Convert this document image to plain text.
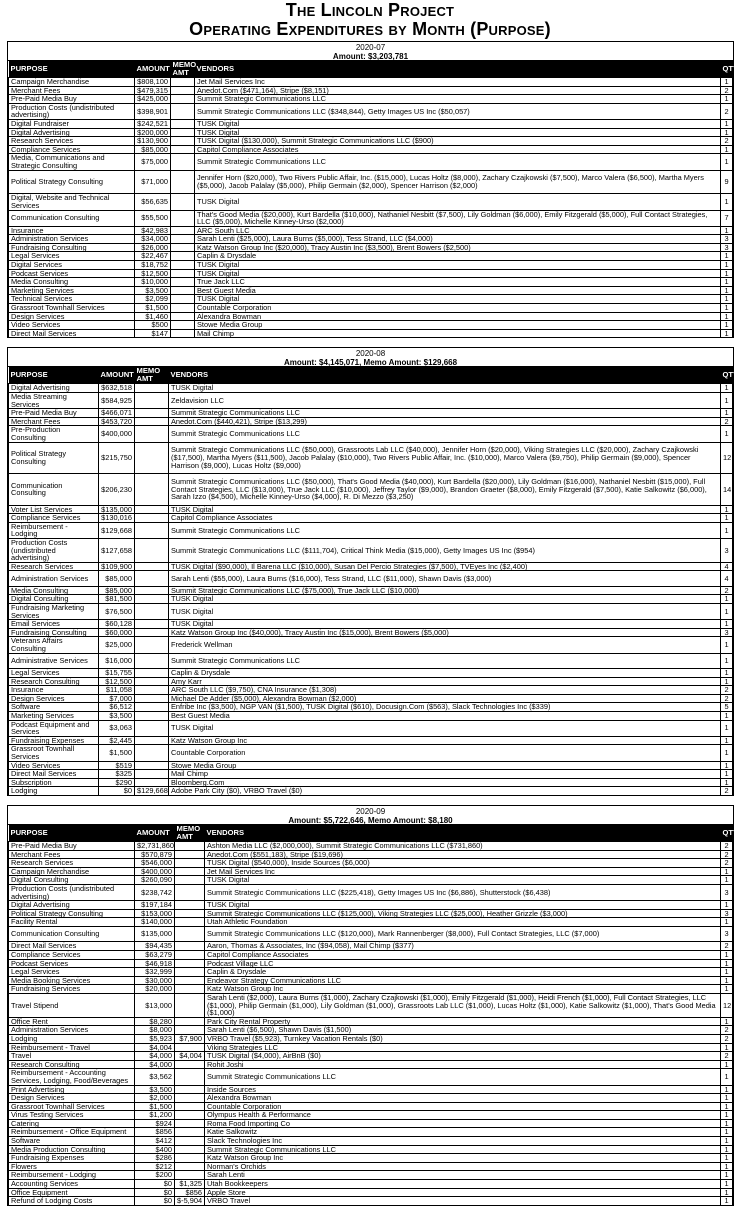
The Lincoln Project
Operating Expenditures by Month (Purpose)
2020-07
Amount: $3,203,781
PURPOSE	AMOUNT	MEMO AMT	VENDORS	QTY
Campaign Merchandise	$808,100		Jet Mail Services Inc	1
Merchant Fees	$479,315		Anedot.Com ($471,164), Stripe ($8,151)	2
Pre-Paid Media Buy	$425,000		Summit Strategic Communications LLC	1
Production Costs (undistributed advertising)	$398,901		Summit Strategic Communications LLC ($348,844), Getty Images US Inc ($50,057)	2
Digital Fundraiser	$242,521		TUSK Digital	1
Digital Advertising	$200,000		TUSK Digital	1
Research Services	$130,900		TUSK Digital ($130,000), Summit Strategic Communications LLC ($900)	2
Compliance Services	$85,000		Capitol Compliance Associates	1
Media, Communications and Strategic Consulting	$75,000		Summit Strategic Communications LLC	1
Political Strategy Consulting	$71,000		Jennifer Horn ($20,000), Two Rivers Public Affair, Inc. ($15,000), Lucas Holtz ($8,000), Zachary Czajkowski ($7,500), Marco Valera ($6,500), Martha Myers ($5,000), Jacob Palalay ($5,000), Philip Germain ($2,000), Spencer Harrison ($2,000)	9
Digital, Website and Technical Services	$56,635		TUSK Digital	1
Communication Consulting	$55,500		That's Good Media ($20,000), Kurt Bardella ($10,000), Nathaniel Nesbitt ($7,500), Lily Goldman ($6,000), Emily Fitzgerald ($5,000), Full Contact Strategies, LLC ($5,000), Michelle Kinney-Urso ($2,000)	7
Insurance	$42,983		ARC South LLC	1
Administration Services	$34,000		Sarah Lenti ($25,000), Laura Burns ($5,000), Tess Strand, LLC ($4,000)	3
Fundraising Consulting	$26,000		Katz Watson Group Inc ($20,000), Tracy Austin Inc ($3,500), Brent Bowers ($2,500)	3
Legal Services	$22,467		Caplin & Drysdale	1
Digital Services	$18,752		TUSK Digital	1
Podcast Services	$12,500		TUSK Digital	1
Media Consulting	$10,000		True Jack LLC	1
Marketing Services	$3,500		Best Guest Media	1
Technical Services	$2,099		TUSK Digital	1
Grassroot Townhall Services	$1,500		Countable Corporation	1
Design Services	$1,460		Alexandra Bowman	1
Video Services	$500		Stowe Media Group	1
Direct Mail Services	$147		Mail Chimp	1
2020-08
Amount: $4,145,071, Memo Amount: $129,668
PURPOSE	AMOUNT	MEMO AMT	VENDORS	QTY
Digital Advertising	$632,518		TUSK Digital	1
Media Streaming Services	$584,925		Zeldavision LLC	1
Pre-Paid Media Buy	$466,071		Summit Strategic Communications LLC	1
Merchant Fees	$453,720		Anedot.Com ($440,421), Stripe ($13,299)	2
Pre-Production Consulting	$400,000		Summit Strategic Communications LLC	1
Political Strategy Consulting	$215,750		Summit Strategic Communications LLC ($50,000), Grassroots Lab LLC ($40,000), Jennifer Horn ($20,000), Viking Strategies LLC ($20,000), Zachary Czajkowski ($17,500), Martha Myers ($11,500), Jacob Palalay ($10,000), Two Rivers Public Affair, Inc. ($10,000), Marco Valera ($9,750), Philip Germain ($9,000), Spencer Harrison ($9,000), Lucas Holtz ($9,000)	12
Communication Consulting	$206,230		Summit Strategic Communications LLC ($50,000), That's Good Media ($40,000), Kurt Bardella ($20,000), Lily Goldman ($16,000), Nathaniel Nesbitt ($15,000), Full Contact Strategies, LLC ($13,000), True Jack LLC ($10,000), Jeffrey Taylor ($9,000), Brandon Graeter ($8,000), Emily Fitzgerald ($7,500), Katie Salkowitz ($6,000), Sarah Izzo ($4,500), Michelle Kinney-Urso ($4,000), R. Di Mezzo ($3,250)	14
Voter List Services	$135,000		TUSK Digital	1
Compliance Services	$130,016		Capitol Compliance Associates	1
Reimbursement - Lodging	$129,668		Summit Strategic Communications LLC	1
Production Costs (undistributed advertising)	$127,658		Summit Strategic Communications LLC ($111,704), Critical Think Media ($15,000), Getty Images US Inc ($954)	3
Research Services	$109,900		TUSK Digital ($90,000), Il Barena LLC ($10,000), Susan Del Percio Strategies ($7,500), TVEyes Inc ($2,400)	4
Administration Services	$85,000		Sarah Lenti ($55,000), Laura Burns ($16,000), Tess Strand, LLC ($11,000), Shawn Davis ($3,000)	4
Media Consulting	$85,000		Summit Strategic Communications LLC ($75,000), True Jack LLC ($10,000)	2
Digital Consulting	$81,500		TUSK Digital	1
Fundraising Marketing Services	$76,500		TUSK Digital	1
Email Services	$60,128		TUSK Digital	1
Fundraising Consulting	$60,000		Katz Watson Group Inc ($40,000), Tracy Austin Inc ($15,000), Brent Bowers ($5,000)	3
Veterans Affairs Consulting	$25,000		Frederick Wellman	1
Administrative Services	$16,000		Summit Strategic Communications LLC	1
Legal Services	$15,755		Caplin & Drysdale	1
Research Consulting	$12,500		Amy Karr	1
Insurance	$11,058		ARC South LLC ($9,750), CNA Insurance ($1,308)	2
Design Services	$7,000		Michael De Adder ($5,000), Alexandra Bowman ($2,000)	2
Software	$6,512		Enfribe Inc ($3,500), NGP VAN ($1,500), TUSK Digital ($610), Docusign.Com ($563), Slack Technologies Inc ($339)	5
Marketing Services	$3,500		Best Guest Media	1
Podcast Equipment and Services	$3,063		TUSK Digital	1
Fundraising Expenses	$2,445		Katz Watson Group Inc	1
Grassroot Townhall Services	$1,500		Countable Corporation	1
Video Services	$519		Stowe Media Group	1
Direct Mail Services	$325		Mail Chimp	1
Subscription	$290		Bloomberg.Com	1
Lodging	$0	$129,668	Adobe Park City ($0), VRBO Travel ($0)	2
2020-09
Amount: $5,722,646, Memo Amount: $8,180
PURPOSE	AMOUNT	MEMO AMT	VENDORS	QTY
Pre-Paid Media Buy	$2,731,860		Ashton Media LLC ($2,000,000), Summit Strategic Communications LLC ($731,860)	2
Merchant Fees	$570,879		Anedot.Com ($551,183), Stripe ($19,696)	2
Research Services	$546,000		TUSK Digital ($540,000), Inside Sources ($6,000)	2
Campaign Merchandise	$400,000		Jet Mail Services Inc	1
Digital Consulting	$260,090		TUSK Digital	1
Production Costs (undistributed advertising)	$238,742		Summit Strategic Communications LLC ($225,418), Getty Images US Inc ($6,886), Shutterstock ($6,438)	3
Digital Advertising	$197,184		TUSK Digital	1
Political Strategy Consulting	$153,000		Summit Strategic Communications LLC ($125,000), Viking Strategies LLC ($25,000), Heather Grizzle ($3,000)	3
Facility Rental	$140,000		Utah Athletic Foundation	1
Communication Consulting	$135,000		Summit Strategic Communications LLC ($120,000), Mark Rannenberger ($8,000), Full Contact Strategies, LLC ($7,000)	3
Direct Mail Services	$94,435		Aaron, Thomas & Associates, Inc ($94,058), Mail Chimp ($377)	2
Compliance Services	$63,279		Capitol Compliance Associates	1
Podcast Services	$46,918		Podcast Village LLC	1
Legal Services	$32,999		Caplin & Drysdale	1
Media Booking Services	$30,000		Endeavor Strategy Communications LLC	1
Fundraising Services	$20,000		Katz Watson Group Inc	1
Travel Stipend	$13,000		Sarah Lenti ($2,000), Laura Burns ($1,000), Zachary Czajkowski ($1,000), Emily Fitzgerald ($1,000), Heidi French ($1,000), Full Contact Strategies, LLC ($1,000), Philip Germain ($1,000), Lily Goldman ($1,000), Grassroots Lab LLC ($1,000), Lucas Holtz ($1,000), Katie Salkowitz ($1,000), That's Good Media ($1,000)	12
Office Rent	$8,280		Park City Rental Property	1
Administration Services	$8,000		Sarah Lenti ($6,500), Shawn Davis ($1,500)	2
Lodging	$5,923	$7,900	VRBO Travel ($5,923), Turnkey Vacation Rentals ($0)	2
Reimbursement - Travel	$4,004		Viking Strategies LLC	1
Travel	$4,000	$4,004	TUSK Digital ($4,000), AirBnB ($0)	2
Research Consulting	$4,000		Rohit Joshi	1
Reimbursement - Accounting Services, Lodging, Food/Beverages	$3,562		Summit Strategic Communications LLC	1
Print Advertising	$3,500		Inside Sources	1
Design Services	$2,000		Alexandra Bowman	1
Grassroot Townhall Services	$1,500		Countable Corporation	1
Virus Testing Services	$1,200		Olympus Health & Performance	1
Catering	$924		Roma Food Importing Co	1
Reimbursement - Office Equipment	$856		Katie Salkowitz	1
Software	$412		Slack Technologies Inc	1
Media Production Consulting	$400		Summit Strategic Communications LLC	1
Fundraising Expenses	$286		Katz Watson Group Inc	1
Flowers	$212		Norman's Orchids	1
Reimbursement - Lodging	$200		Sarah Lenti	1
Accounting Services	$0	$1,325	Utah Bookkeepers	1
Office Equipment	$0	$856	Apple Store	1
Refund of Lodging Costs	$0	$-5,904	VRBO Travel	1
